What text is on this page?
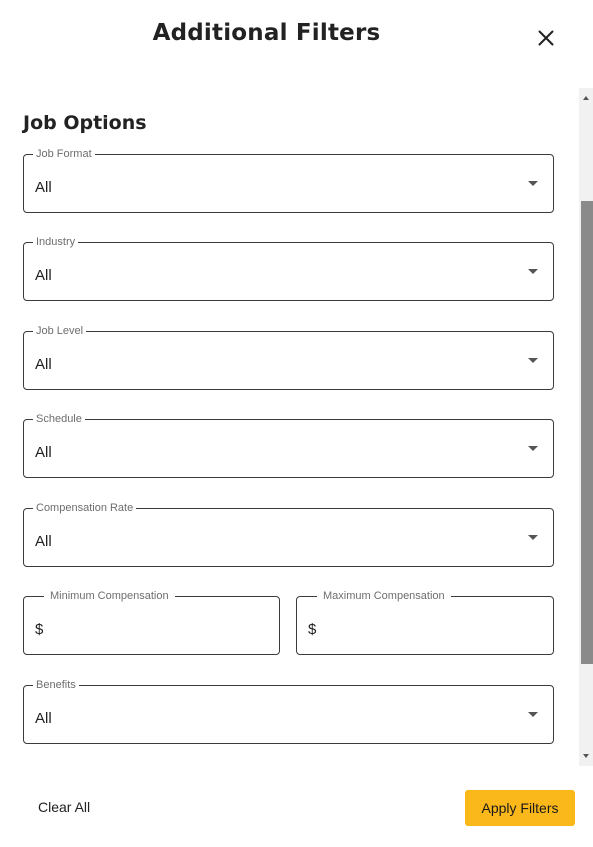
Additional Filters
Job Options
Job Format
All
Industry
All
Job Level
All
Schedule
All
Compensation Rate
All
Minimum Compensation
$
Maximum Compensation
$
Benefits
All
Clear All	Apply Filters
